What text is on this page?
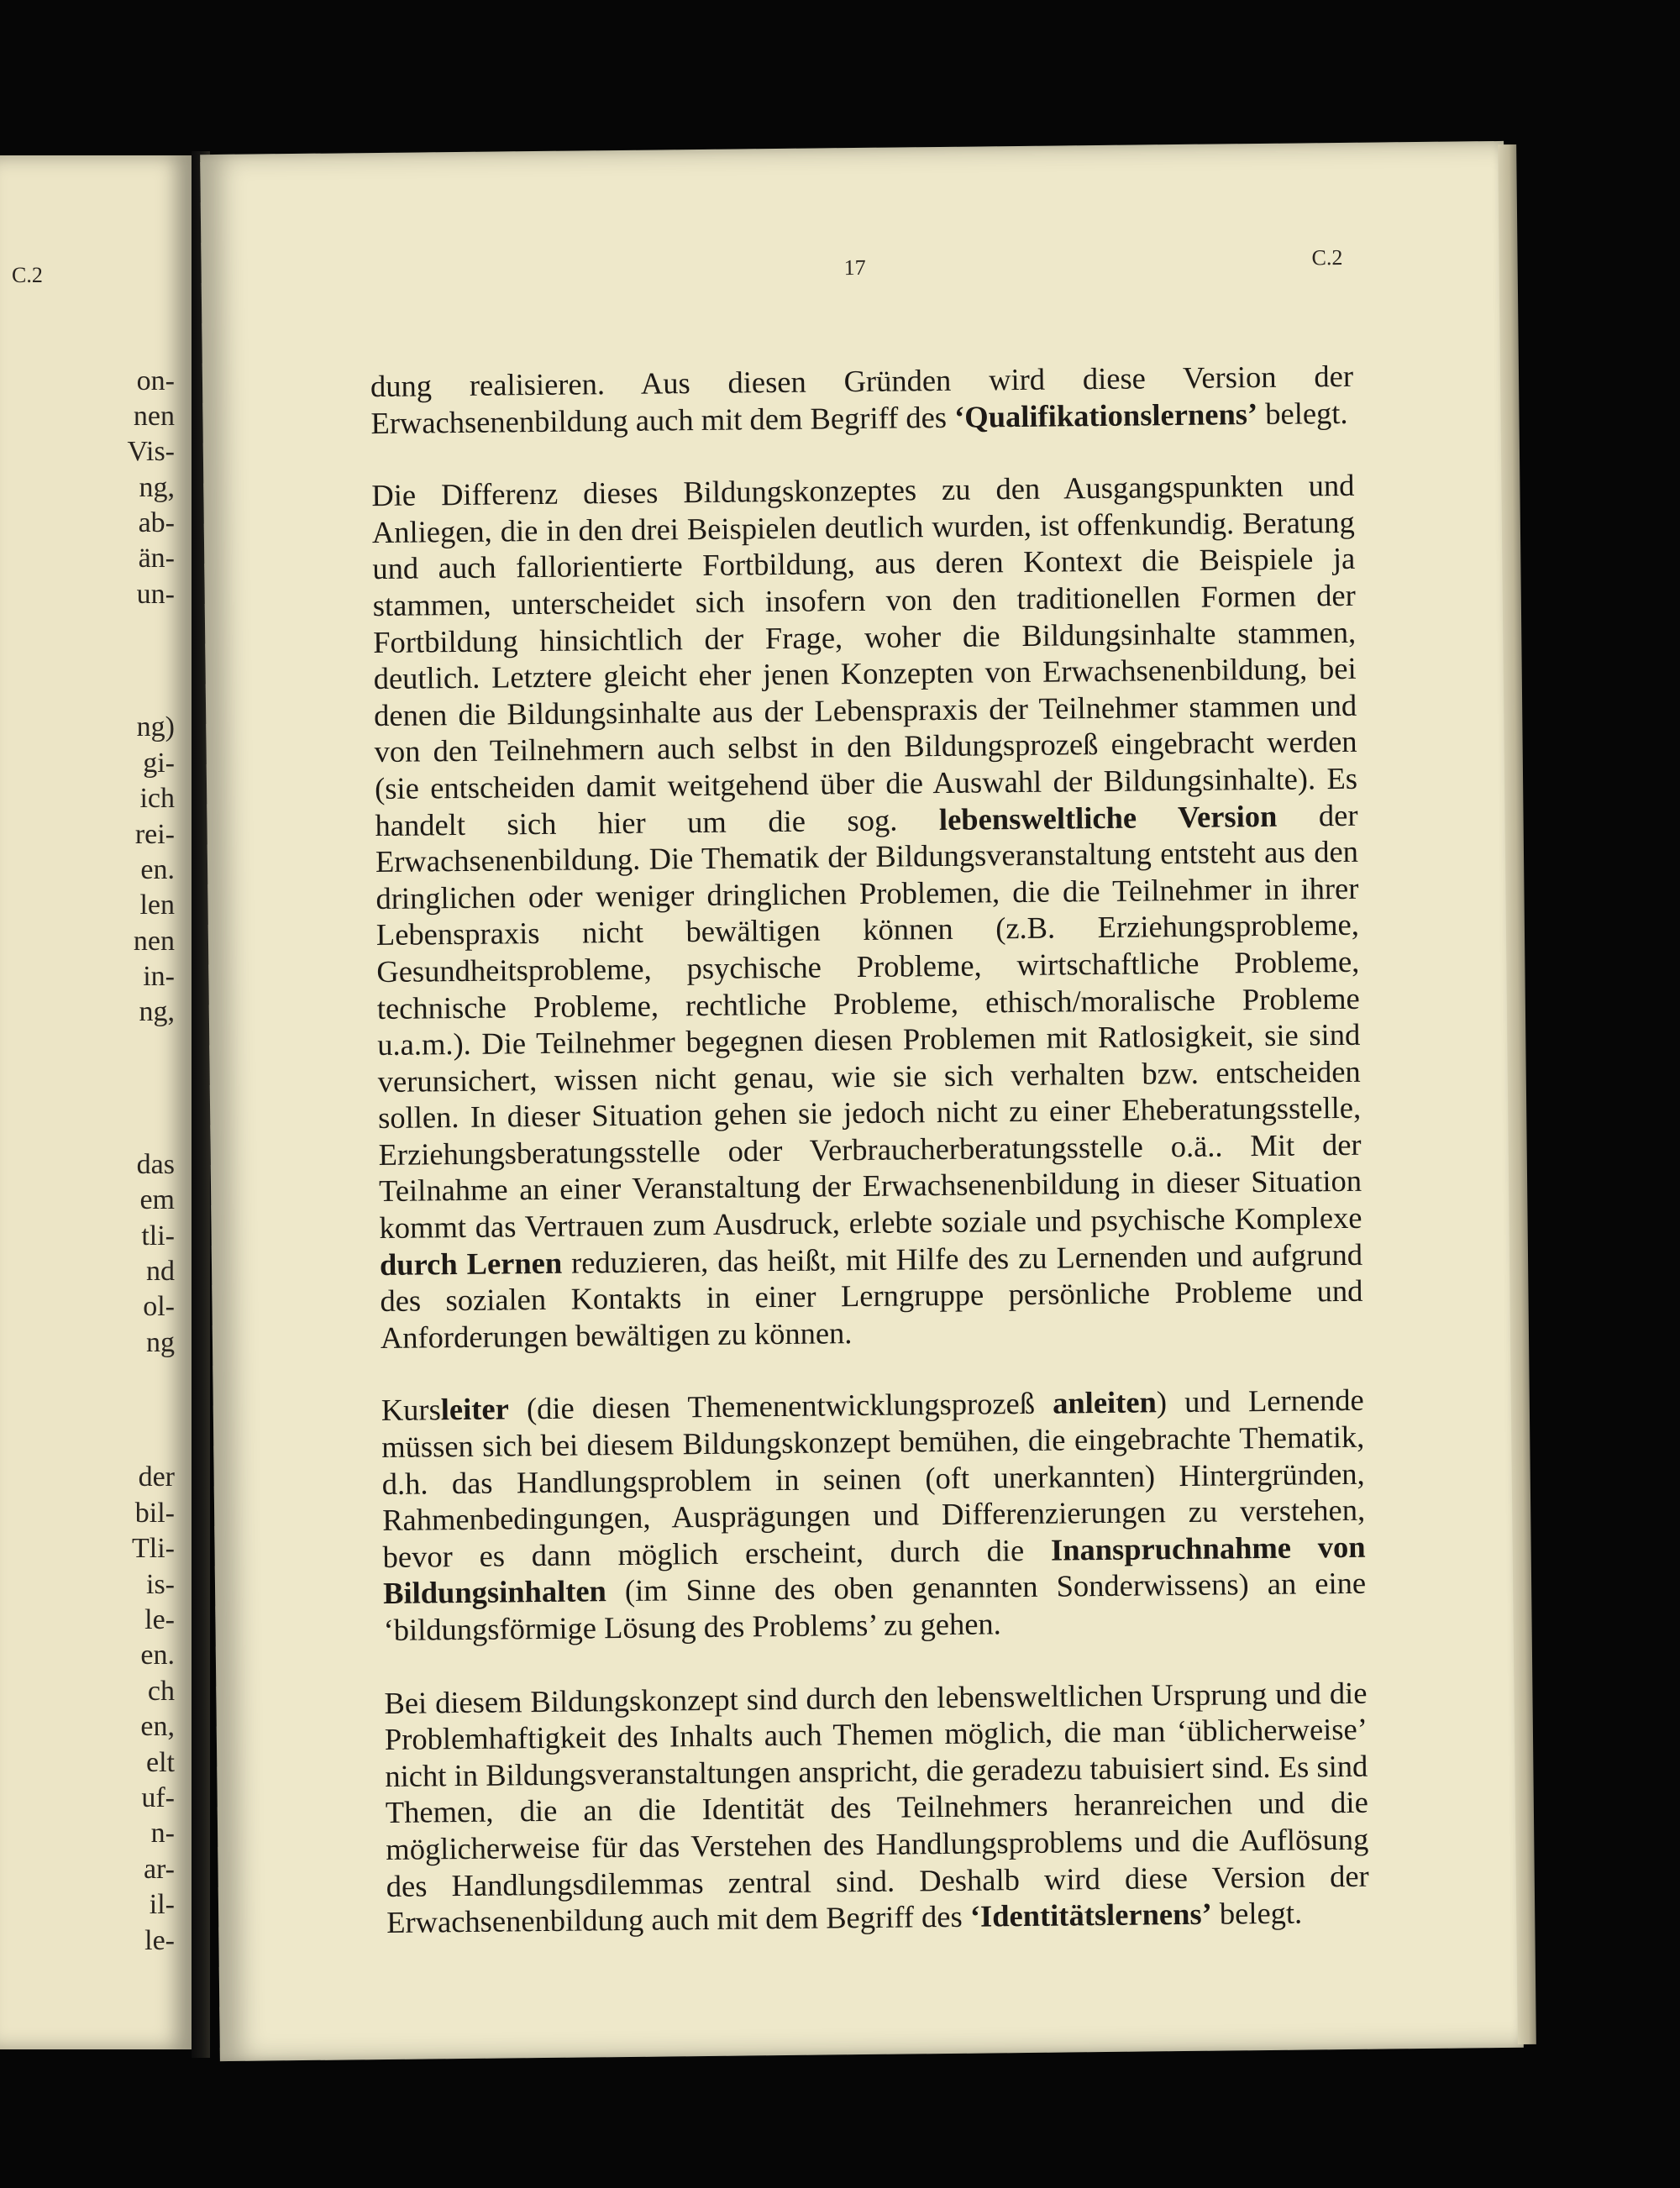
C.2
on-
nen
Vis-
ng,
ab-
än-
un-
ng)
gi-
ich
rei-
en.
len
nen
in-
ng,
das
em
tli-
nd
ol-
ng
der
bil-
Tli-
is-
le-
en.
ch
en,
elt
uf-
n-
ar-
il-
le-
17	C.2

dung realisieren. Aus diesen Gründen wird diese Version der Erwachsenenbildung auch mit dem Begriff des ‘Qualifikationslernens’ belegt.

Die Differenz dieses Bildungskonzeptes zu den Ausgangspunkten und Anliegen, die in den drei Beispielen deutlich wurden, ist offenkundig. Beratung und auch fallorientierte Fortbildung, aus deren Kontext die Beispiele ja stammen, unterscheidet sich insofern von den traditionellen Formen der Fortbildung hinsichtlich der Frage, woher die Bildungsinhalte stammen, deutlich. Letztere gleicht eher jenen Konzepten von Erwachsenenbildung, bei denen die Bildungsinhalte aus der Lebenspraxis der Teilnehmer stammen und von den Teilnehmern auch selbst in den Bildungsprozeß eingebracht werden (sie entscheiden damit weitgehend über die Auswahl der Bildungsinhalte). Es handelt sich hier um die sog. lebensweltliche Version der Erwachsenenbildung. Die Thematik der Bildungsveranstaltung entsteht aus den dringlichen oder weniger dringlichen Problemen, die die Teilnehmer in ihrer Lebenspraxis nicht bewältigen können (z.B. Erziehungsprobleme, Gesundheitsprobleme, psychische Probleme, wirtschaftliche Probleme, technische Probleme, rechtliche Probleme, ethisch/moralische Probleme u.a.m.). Die Teilnehmer begegnen diesen Problemen mit Ratlosigkeit, sie sind verunsichert, wissen nicht genau, wie sie sich verhalten bzw. entscheiden sollen. In dieser Situation gehen sie jedoch nicht zu einer Eheberatungsstelle, Erziehungsberatungsstelle oder Verbraucherberatungsstelle o.ä.. Mit der Teilnahme an einer Veranstaltung der Erwachsenenbildung in dieser Situation kommt das Vertrauen zum Ausdruck, erlebte soziale und psychische Komplexe durch Lernen reduzieren, das heißt, mit Hilfe des zu Lernenden und aufgrund des sozialen Kontakts in einer Lerngruppe persönliche Probleme und Anforderungen bewältigen zu können.

Kursleiter (die diesen Themenentwicklungsprozeß anleiten) und Lernende müssen sich bei diesem Bildungskonzept bemühen, die eingebrachte Thematik, d.h. das Handlungsproblem in seinen (oft unerkannten) Hintergründen, Rahmenbedingungen, Ausprägungen und Differenzierungen zu verstehen, bevor es dann möglich erscheint, durch die Inanspruchnahme von Bildungsinhalten (im Sinne des oben genannten Sonderwissens) an eine ‘bildungsförmige Lösung des Problems’ zu gehen.

Bei diesem Bildungskonzept sind durch den lebensweltlichen Ursprung und die Problemhaftigkeit des Inhalts auch Themen möglich, die man ‘üblicherweise’ nicht in Bildungsveranstaltungen anspricht, die geradezu tabuisiert sind. Es sind Themen, die an die Identität des Teilnehmers heranreichen und die möglicherweise für das Verstehen des Handlungsproblems und die Auflösung des Handlungsdilemmas zentral sind. Deshalb wird diese Version der Erwachsenenbildung auch mit dem Begriff des ‘Identitätslernens’ belegt.
